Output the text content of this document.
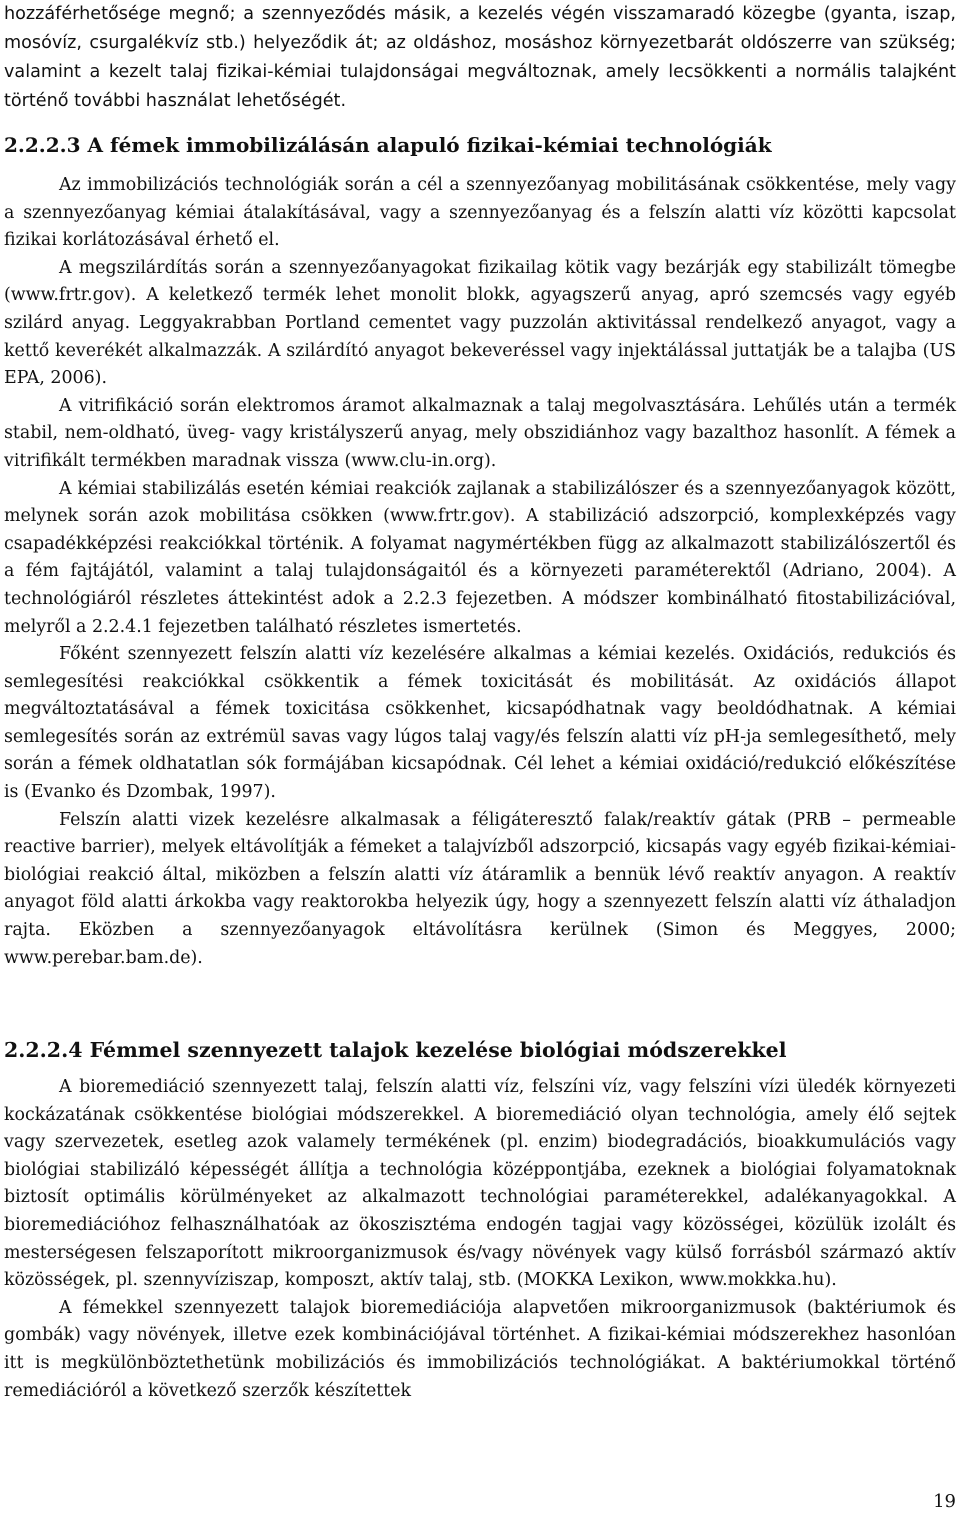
hozzáférhetősége megnő; a szennyeződés másik, a kezelés végén visszamaradó közegbe (gyanta, iszap, mosóvíz, csurgalékvíz stb.) helyeződik át; az oldáshoz, mosáshoz környezetbarát oldószerre van szükség; valamint a kezelt talaj fizikai-kémiai tulajdonságai megváltoznak, amely lecsökkenti a normális talajként történő további használat lehetőségét.

2.2.2.3 A fémek immobilizálásán alapuló fizikai-kémiai technológiák

Az immobilizációs technológiák során a cél a szennyezőanyag mobilitásának csökkentése, mely vagy a szennyezőanyag kémiai átalakításával, vagy a szennyezőanyag és a felszín alatti víz közötti kapcsolat fizikai korlátozásával érhető el.

A megszilárdítás során a szennyezőanyagokat fizikailag kötik vagy bezárják egy stabilizált tömegbe (www.frtr.gov). A keletkező termék lehet monolit blokk, agyagszerű anyag, apró szemcsés vagy egyéb szilárd anyag. Leggyakrabban Portland cementet vagy puzzolán aktivitással rendelkező anyagot, vagy a kettő keverékét alkalmazzák. A szilárdító anyagot bekeveréssel vagy injektálással juttatják be a talajba (US EPA, 2006).

A vitrifikáció során elektromos áramot alkalmaznak a talaj megolvasztására. Lehűlés után a termék stabil, nem-oldható, üveg- vagy kristályszerű anyag, mely obszidiánhoz vagy bazalthoz hasonlít. A fémek a vitrifikált termékben maradnak vissza (www.clu-in.org).

A kémiai stabilizálás esetén kémiai reakciók zajlanak a stabilizálószer és a szennyezőanyagok között, melynek során azok mobilitása csökken (www.frtr.gov). A stabilizáció adszorpció, komplexképzés vagy csapadékképzési reakciókkal történik. A folyamat nagymértékben függ az alkalmazott stabilizálószertől és a fém fajtájától, valamint a talaj tulajdonságaitól és a környezeti paraméterektől (Adriano, 2004). A technológiáról részletes áttekintést adok a 2.2.3 fejezetben. A módszer kombinálható fitostabilizációval, melyről a 2.2.4.1 fejezetben található részletes ismertetés.

Főként szennyezett felszín alatti víz kezelésére alkalmas a kémiai kezelés. Oxidációs, redukciós és semlegesítési reakciókkal csökkentik a fémek toxicitását és mobilitását. Az oxidációs állapot megváltoztatásával a fémek toxicitása csökkenhet, kicsapódhatnak vagy beoldódhatnak. A kémiai semlegesítés során az extrémül savas vagy lúgos talaj vagy/és felszín alatti víz pH-ja semlegesíthető, mely során a fémek oldhatatlan sók formájában kicsapódnak. Cél lehet a kémiai oxidáció/redukció előkészítése is (Evanko és Dzombak, 1997).

Felszín alatti vizek kezelésre alkalmasak a féligáteresztő falak/reaktív gátak (PRB – permeable reactive barrier), melyek eltávolítják a fémeket a talajvízből adszorpció, kicsapás vagy egyéb fizikai-kémiai-biológiai reakció által, miközben a felszín alatti víz átáramlik a bennük lévő reaktív anyagon. A reaktív anyagot föld alatti árkokba vagy reaktorokba helyezik úgy, hogy a szennyezett felszín alatti víz áthaladjon rajta. Eközben a szennyezőanyagok eltávolításra kerülnek (Simon és Meggyes, 2000; www.perebar.bam.de).

2.2.2.4 Fémmel szennyezett talajok kezelése biológiai módszerekkel

A bioremediáció szennyezett talaj, felszín alatti víz, felszíni víz, vagy felszíni vízi üledék környezeti kockázatának csökkentése biológiai módszerekkel. A bioremediáció olyan technológia, amely élő sejtek vagy szervezetek, esetleg azok valamely termékének (pl. enzim) biodegradációs, bioakkumulációs vagy biológiai stabilizáló képességét állítja a technológia középpontjába, ezeknek a biológiai folyamatoknak biztosít optimális körülményeket az alkalmazott technológiai paraméterekkel, adalékanyagokkal. A bioremediációhoz felhasználhatóak az ökoszisztéma endogén tagjai vagy közösségei, közülük izolált és mesterségesen felszaporított mikroorganizmusok és/vagy növények vagy külső forrásból származó aktív közösségek, pl. szennyvíziszap, komposzt, aktív talaj, stb. (MOKKA Lexikon, www.mokkka.hu).

A fémekkel szennyezett talajok bioremediációja alapvetően mikroorganizmusok (baktériumok és gombák) vagy növények, illetve ezek kombinációjával történhet. A fizikai-kémiai módszerekhez hasonlóan itt is megkülönböztethetünk mobilizációs és immobilizációs technológiákat. A baktériumokkal történő remediációról a következő szerzők készítettek

19
